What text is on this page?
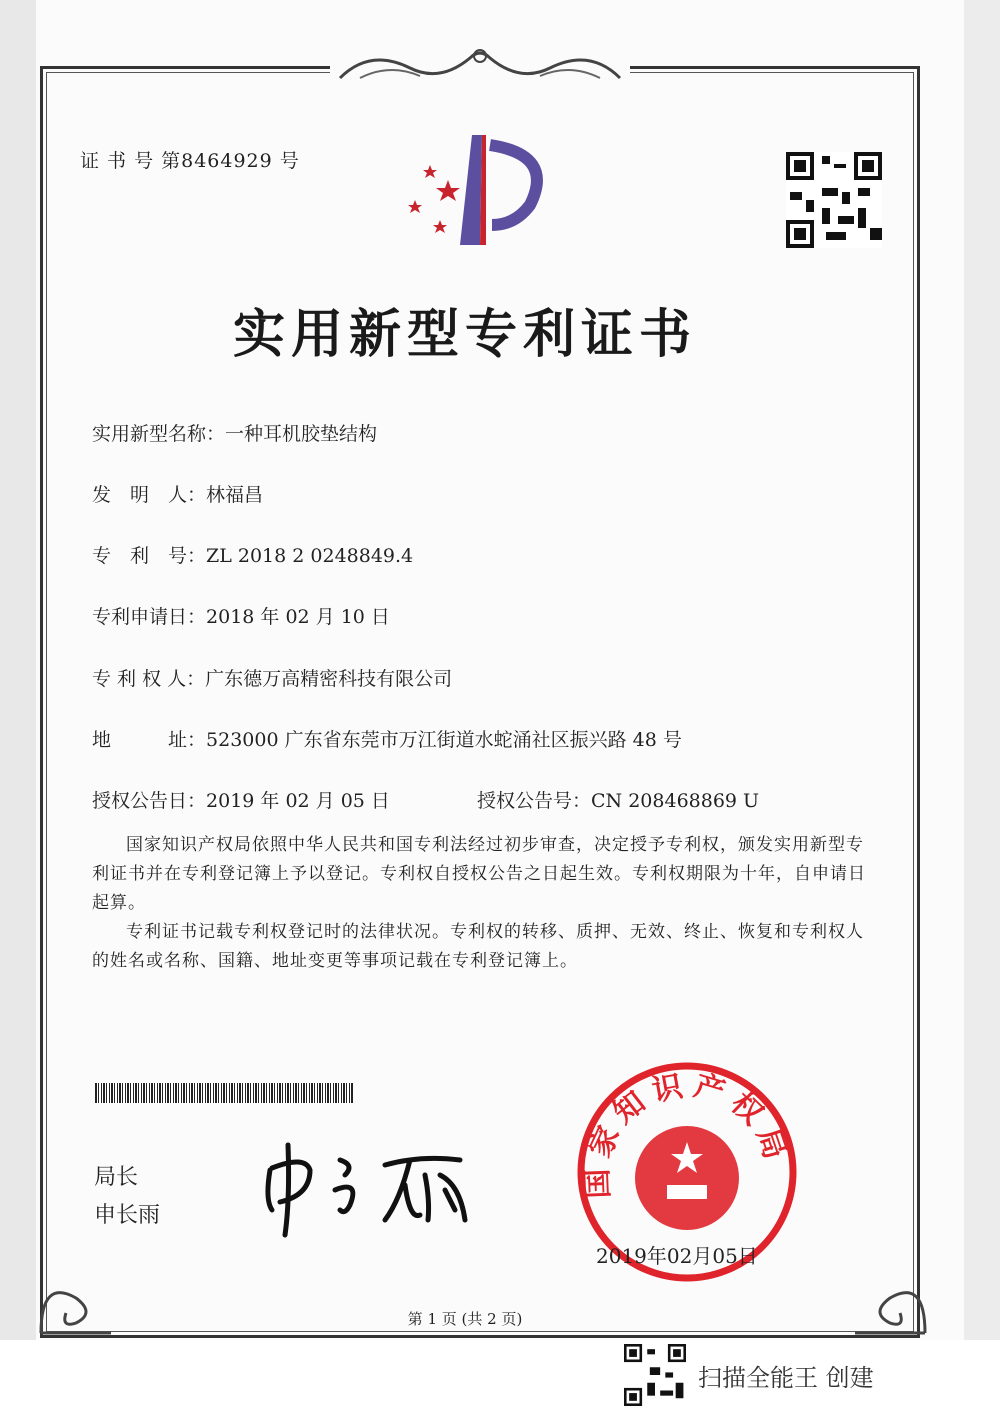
证 书 号 第8464929 号
实用新型专利证书
实用新型名称：一种耳机胶垫结构
发　明　人：林福昌
专　利　号：ZL 2018 2 0248849.4
专利申请日：2018 年 02 月 10 日
专 利 权 人：广东德万高精密科技有限公司
地　　　址：523000 广东省东莞市万江街道水蛇涌社区振兴路 48 号
授权公告日：2019 年 02 月 05 日	授权公告号：CN 208468869 U

国家知识产权局依照中华人民共和国专利法经过初步审查，决定授予专利权，颁发实用新型专利证书并在专利登记簿上予以登记。专利权自授权公告之日起生效。专利权期限为十年，自申请日起算。

专利证书记载专利权登记时的法律状况。专利权的转移、质押、无效、终止、恢复和专利权人的姓名或名称、国籍、地址变更等事项记载在专利登记簿上。

局长
申长雨
国家知识产权局
2019年02月05日
第 1 页 (共 2 页)
扫描全能王 创建
